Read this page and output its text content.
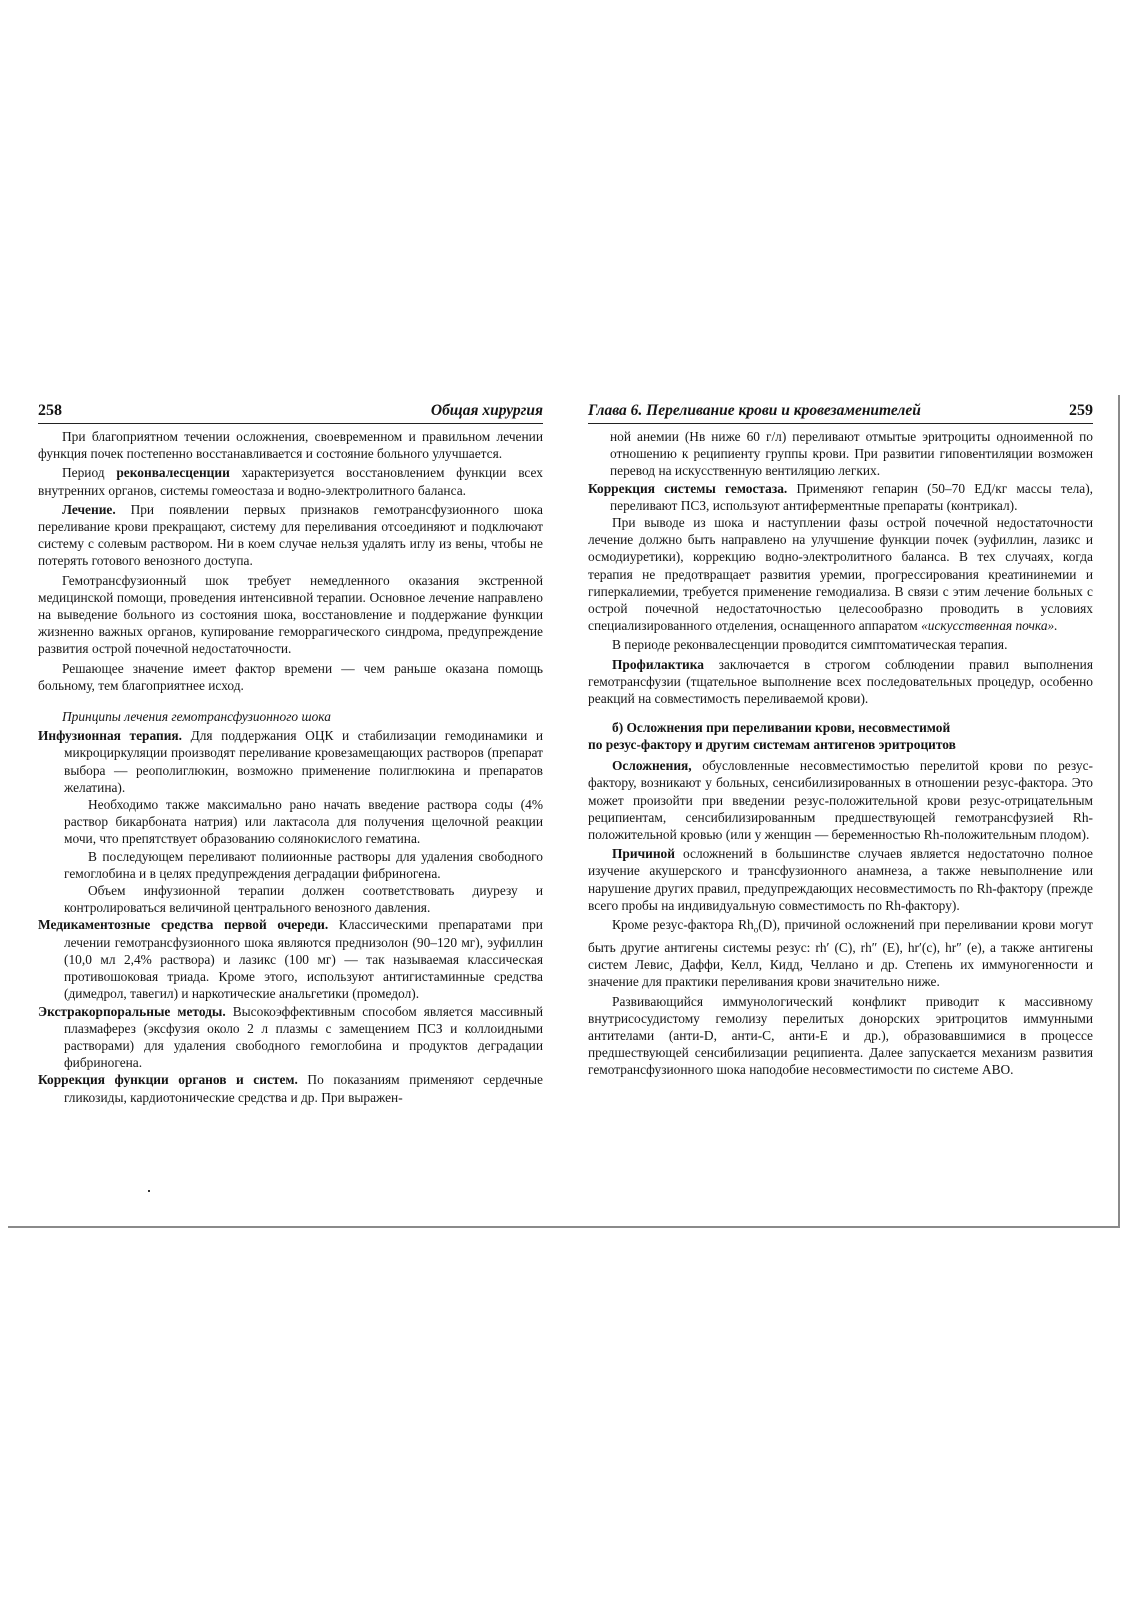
258	Общая хирургия

При благоприятном течении осложнения, своевременном и правильном лечении функция почек постепенно восстанавливается и состояние больного улучшается.

Период реконвалесценции характеризуется восстановлением функции всех внутренних органов, системы гомеостаза и водно-электролитного баланса.

Лечение. При появлении первых признаков гемотрансфузионного шока переливание крови прекращают, систему для переливания отсоединяют и подключают систему с солевым раствором. Ни в коем случае нельзя удалять иглу из вены, чтобы не потерять готового венозного доступа.

Гемотрансфузионный шок требует немедленного оказания экстренной медицинской помощи, проведения интенсивной терапии. Основное лечение направлено на выведение больного из состояния шока, восстановление и поддержание функции жизненно важных органов, купирование геморрагического синдрома, предупреждение развития острой почечной недостаточности.

Решающее значение имеет фактор времени — чем раньше оказана помощь больному, тем благоприятнее исход.

Принципы лечения гемотрансфузионного шока

Инфузионная терапия. Для поддержания ОЦК и стабилизации гемодинамики и микроциркуляции производят переливание кровезамещающих растворов (препарат выбора — реополиглюкин, возможно применение полиглюкина и препаратов желатина).

Необходимо также максимально рано начать введение раствора соды (4% раствор бикарбоната натрия) или лактасола для получения щелочной реакции мочи, что препятствует образованию солянокислого гематина.

В последующем переливают полиионные растворы для удаления свободного гемоглобина и в целях предупреждения деградации фибриногена.

Объем инфузионной терапии должен соответствовать диурезу и контролироваться величиной центрального венозного давления.

Медикаментозные средства первой очереди. Классическими препаратами при лечении гемотрансфузионного шока являются преднизолон (90–120 мг), эуфиллин (10,0 мл 2,4% раствора) и лазикс (100 мг) — так называемая классическая противошоковая триада. Кроме этого, используют антигистаминные средства (димедрол, тавегил) и наркотические анальгетики (промедол).

Экстракорпоральные методы. Высокоэффективным способом является массивный плазмаферез (эксфузия около 2 л плазмы с замещением ПСЗ и коллоидными растворами) для удаления свободного гемоглобина и продуктов деградации фибриногена.

Коррекция функции органов и систем. По показаниям применяют сердечные гликозиды, кардиотонические средства и др. При выражен-

Глава 6. Переливание крови и кровезаменителей	259

ной анемии (Нв ниже 60 г/л) переливают отмытые эритроциты одноименной по отношению к реципиенту группы крови. При развитии гиповентиляции возможен перевод на искусственную вентиляцию легких.

Коррекция системы гемостаза. Применяют гепарин (50–70 ЕД/кг массы тела), переливают ПСЗ, используют антиферментные препараты (контрикал).

При выводе из шока и наступлении фазы острой почечной недостаточности лечение должно быть направлено на улучшение функции почек (эуфиллин, лазикс и осмодиуретики), коррекцию водно-электролитного баланса. В тех случаях, когда терапия не предотвращает развития уремии, прогрессирования креатининемии и гиперкалиемии, требуется применение гемодиализа. В связи с этим лечение больных с острой почечной недостаточностью целесообразно проводить в условиях специализированного отделения, оснащенного аппаратом «искусственная почка».

В периоде реконвалесценции проводится симптоматическая терапия.

Профилактика заключается в строгом соблюдении правил выполнения гемотрансфузии (тщательное выполнение всех последовательных процедур, особенно реакций на совместимость переливаемой крови).

б) Осложнения при переливании крови, несовместимой
по резус-фактору и другим системам антигенов эритроцитов

Осложнения, обусловленные несовместимостью перелитой крови по резус-фактору, возникают у больных, сенсибилизированных в отношении резус-фактора. Это может произойти при введении резус-положительной крови резус-отрицательным реципиентам, сенсибилизированным предшествующей гемотрансфузией Rh-положительной кровью (или у женщин — беременностью Rh-положительным плодом).

Причиной осложнений в большинстве случаев является недостаточно полное изучение акушерского и трансфузионного анамнеза, а также невыполнение или нарушение других правил, предупреждающих несовместимость по Rh-фактору (прежде всего пробы на индивидуальную совместимость по Rh-фактору).

Кроме резус-фактора $Rh_o(D)$, причиной осложнений при переливании крови могут быть другие антигены системы резус: rh′ (С), rh″ (E), hr′(c), hr″ (e), а также антигены систем Левис, Даффи, Келл, Кидд, Челлано и др. Степень их иммуногенности и значение для практики переливания крови значительно ниже.

Развивающийся иммунологический конфликт приводит к массивному внутрисосудистому гемолизу перелитых донорских эритроцитов иммунными антителами (анти-D, анти-С, анти-Е и др.), образовавшимися в процессе предшествующей сенсибилизации реципиента. Далее запускается механизм развития гемотрансфузионного шока наподобие несовместимости по системе АВО.
